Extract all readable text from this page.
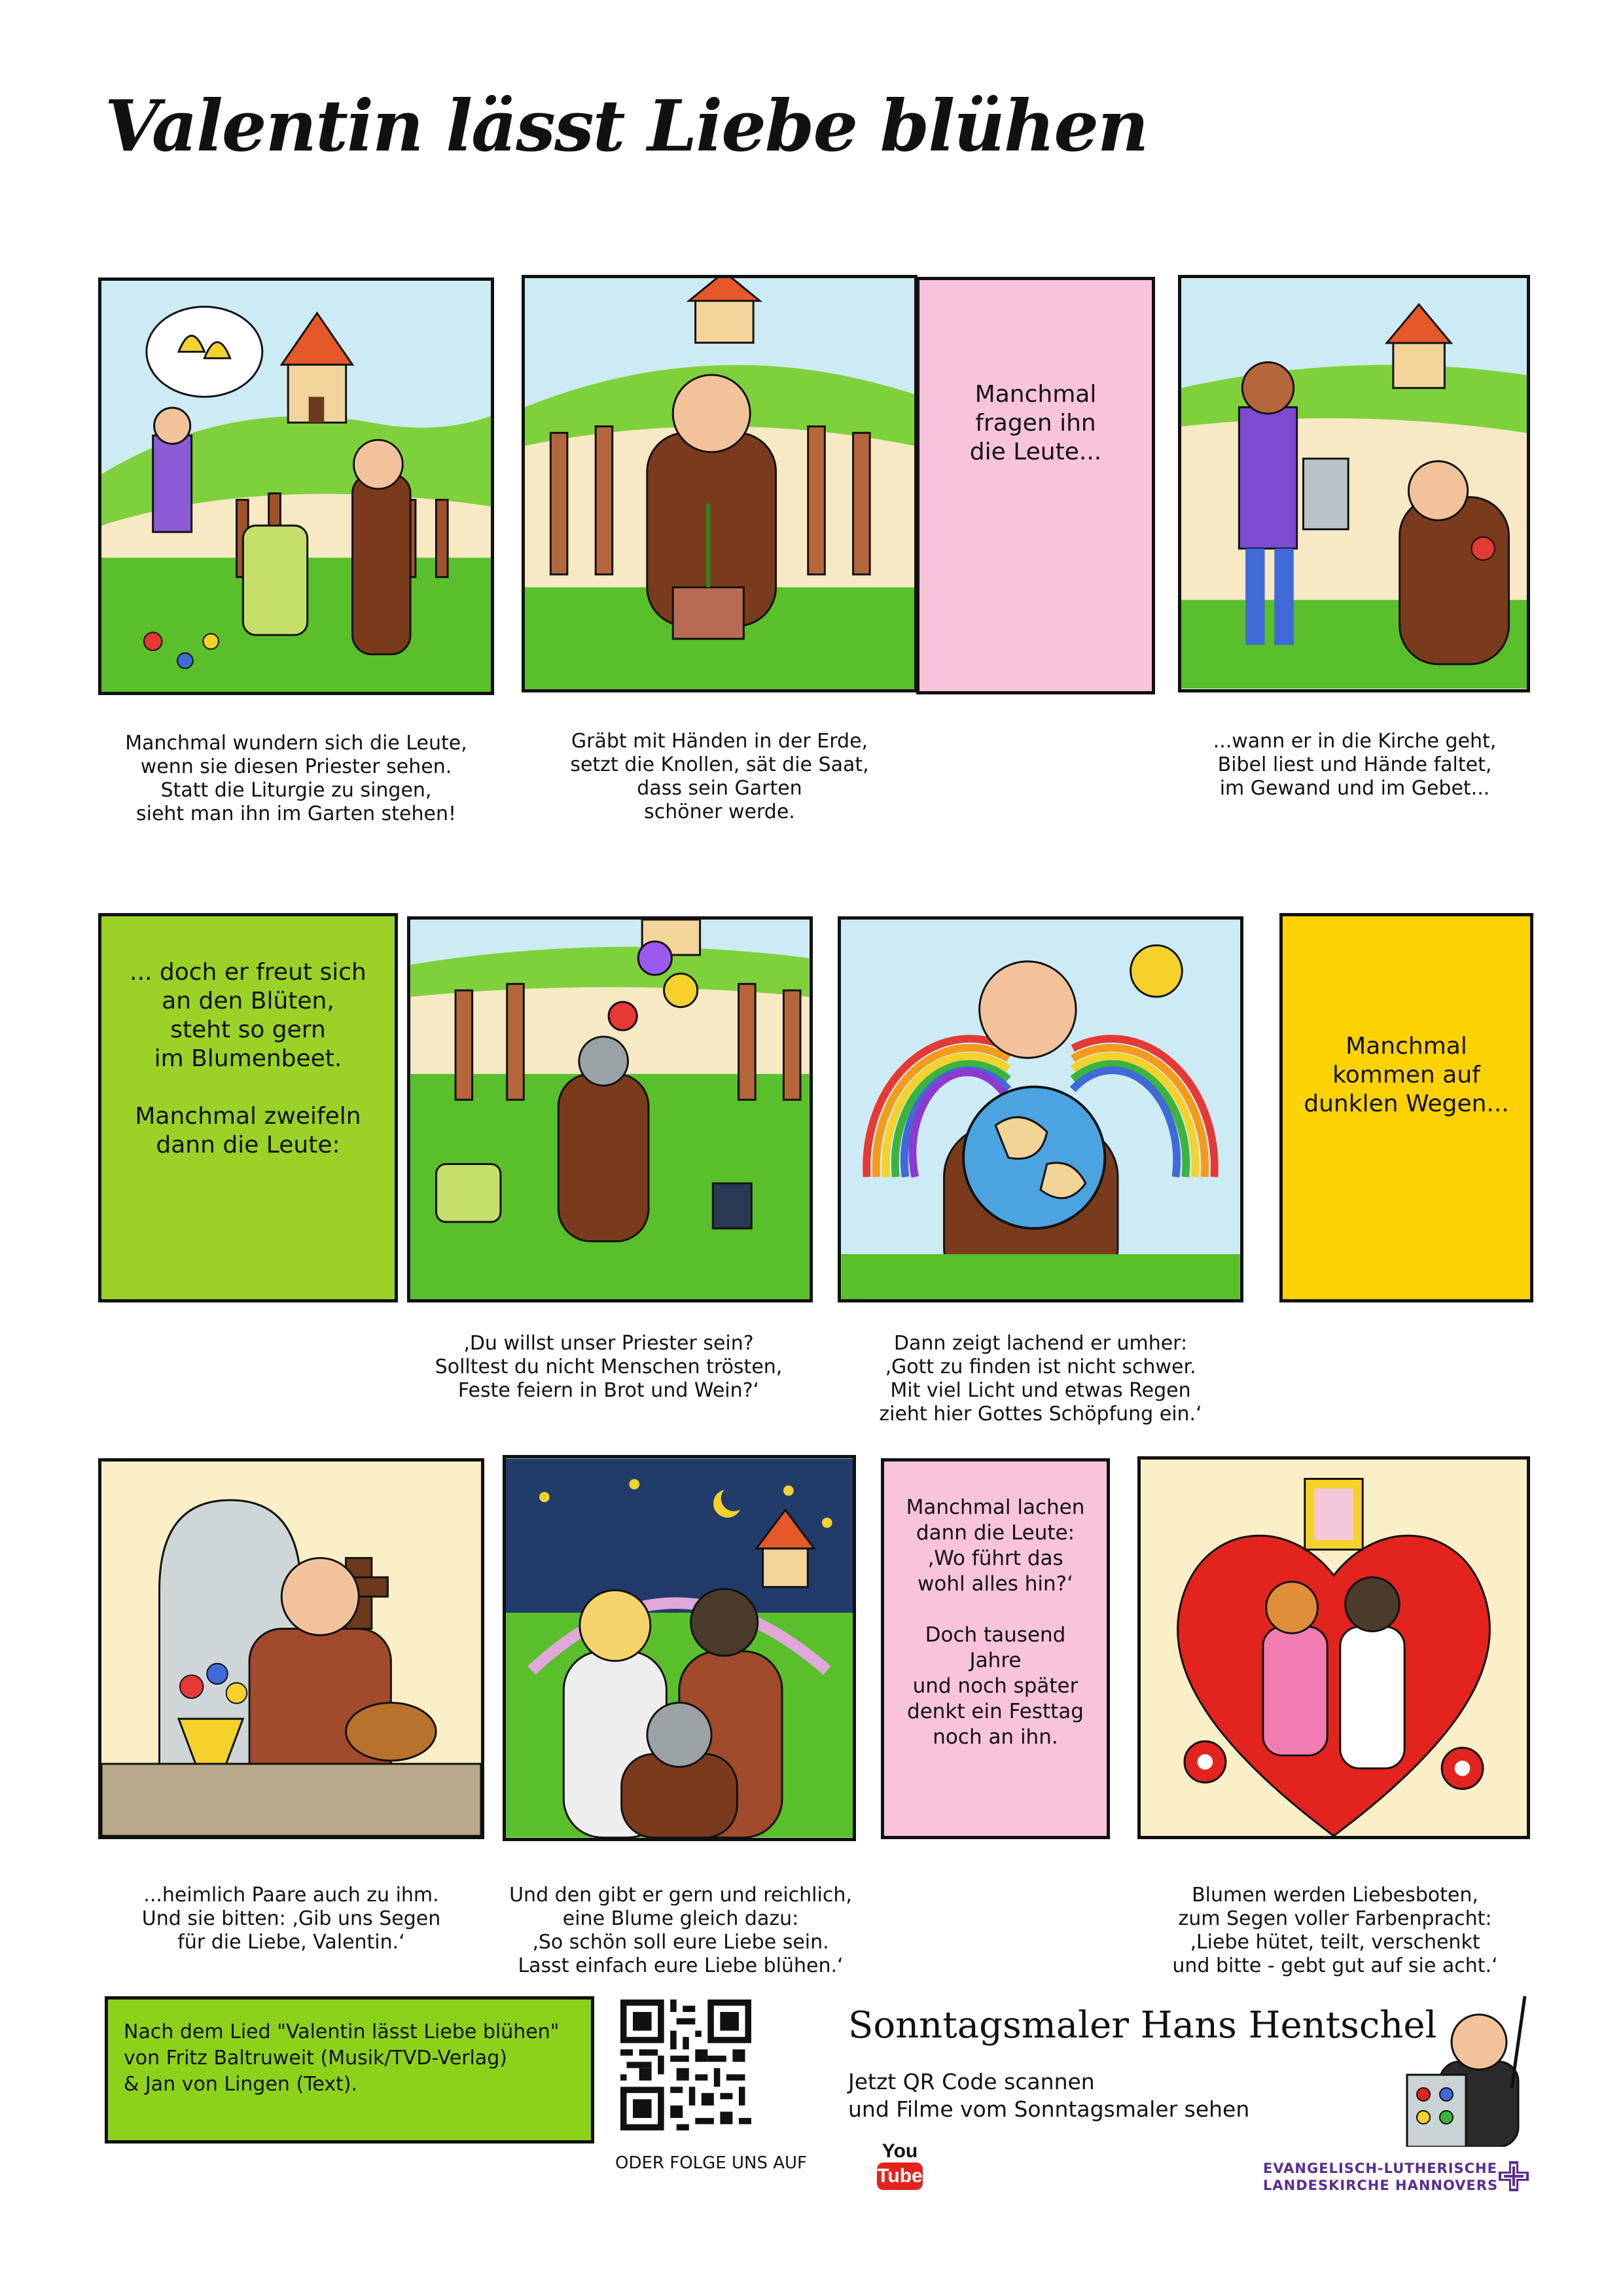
Valentin lässt Liebe blühen
Manchmal wundern sich die Leute,
wenn sie diesen Priester sehen.
Statt die Liturgie zu singen,
sieht man ihn im Garten stehen!
Gräbt mit Händen in der Erde,
setzt die Knollen, sät die Saat,
dass sein Garten
schöner werde.
Manchmal
fragen ihn
die Leute...
...wann er in die Kirche geht,
Bibel liest und Hände faltet,
im Gewand und im Gebet...
... doch er freut sich
an den Blüten,
steht so gern
im Blumenbeet.

Manchmal zweifeln
dann die Leute:
‚Du willst unser Priester sein?
Solltest du nicht Menschen trösten,
Feste feiern in Brot und Wein?‘
Dann zeigt lachend er umher:
‚Gott zu finden ist nicht schwer.
Mit viel Licht und etwas Regen
zieht hier Gottes Schöpfung ein.‘
Manchmal
kommen auf
dunklen Wegen...
...heimlich Paare auch zu ihm.
Und sie bitten: ‚Gib uns Segen
für die Liebe, Valentin.‘
Und den gibt er gern und reichlich,
eine Blume gleich dazu:
‚So schön soll eure Liebe sein.
Lasst einfach eure Liebe blühen.‘
Manchmal lachen
dann die Leute:
‚Wo führt das
wohl alles hin?‘

Doch tausend Jahre
und noch später
denkt ein Festtag
noch an ihn.
Blumen werden Liebesboten,
zum Segen voller Farbenpracht:
‚Liebe hütet, teilt, verschenkt
und bitte - gebt gut auf sie acht.‘
Nach dem Lied "Valentin lässt Liebe blühen"
von Fritz Baltruweit (Musik/TVD-Verlag)
& Jan von Lingen (Text).
ODER FOLGE UNS AUF
You
Tube
Sonntagsmaler Hans Hentschel
Jetzt QR Code scannen
und Filme vom Sonntagsmaler sehen
EVANGELISCH-LUTHERISCHE
LANDESKIRCHE HANNOVERS
